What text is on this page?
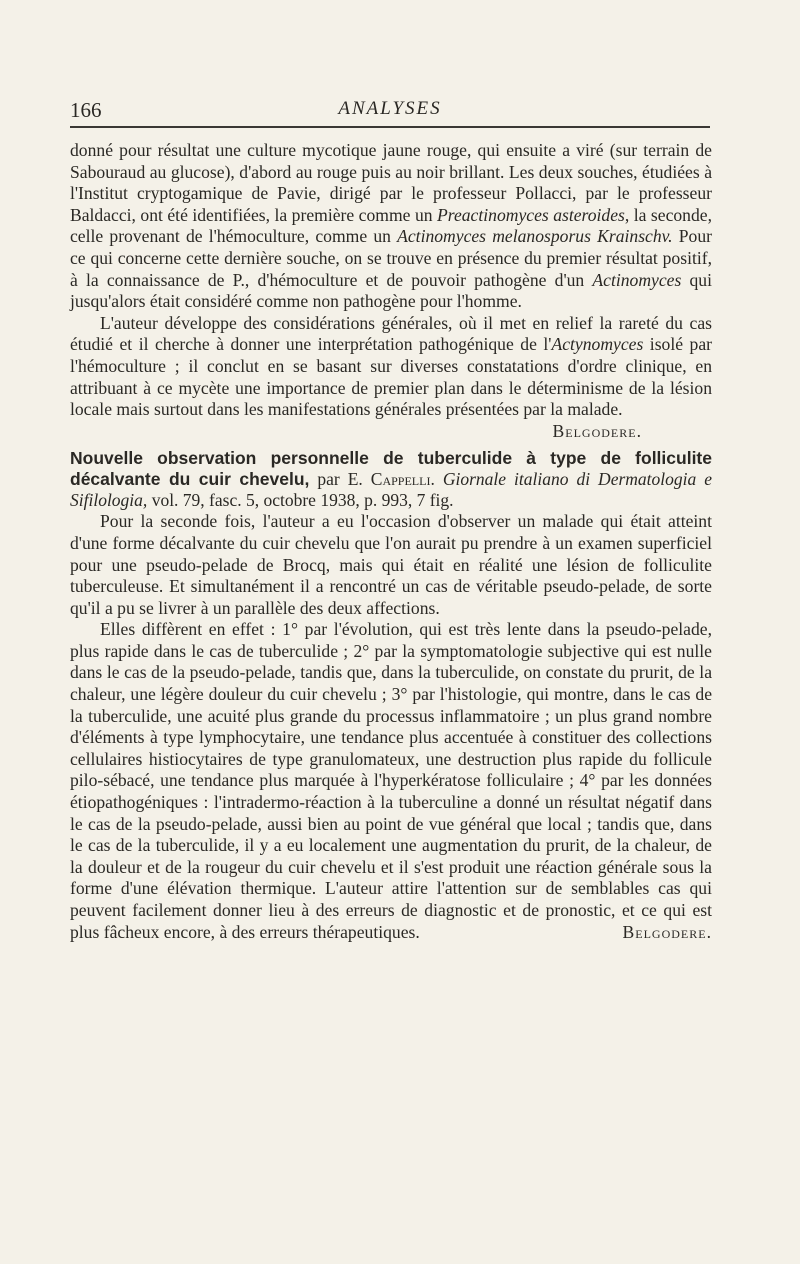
166	ANALYSES

donné pour résultat une culture mycotique jaune rouge, qui ensuite a viré (sur terrain de Sabouraud au glucose), d'abord au rouge puis au noir brillant. Les deux souches, étudiées à l'Institut cryptogamique de Pavie, dirigé par le professeur Pollacci, par le professeur Baldacci, ont été identifiées, la première comme un Preactinomyces asteroides, la seconde, celle provenant de l'hémoculture, comme un Actinomyces melanosporus Krainschv. Pour ce qui concerne cette dernière souche, on se trouve en présence du premier résultat positif, à la connaissance de P., d'hémoculture et de pouvoir pathogène d'un Actinomyces qui jusqu'alors était considéré comme non pathogène pour l'homme.

L'auteur développe des considérations générales, où il met en relief la rareté du cas étudié et il cherche à donner une interprétation pathogénique de l'Actynomyces isolé par l'hémoculture ; il conclut en se basant sur diverses constatations d'ordre clinique, en attribuant à ce mycète une importance de premier plan dans le déterminisme de la lésion locale mais surtout dans les manifestations générales présentées par la malade.

Belgodere.

Nouvelle observation personnelle de tuberculide à type de folliculite décalvante du cuir chevelu, par E. Cappelli. Giornale italiano di Dermatologia e Sifilologia, vol. 79, fasc. 5, octobre 1938, p. 993, 7 fig.

Pour la seconde fois, l'auteur a eu l'occasion d'observer un malade qui était atteint d'une forme décalvante du cuir chevelu que l'on aurait pu prendre à un examen superficiel pour une pseudo-pelade de Brocq, mais qui était en réalité une lésion de folliculite tuberculeuse. Et simultanément il a rencontré un cas de véritable pseudo-pelade, de sorte qu'il a pu se livrer à un parallèle des deux affections.

Elles diffèrent en effet : 1° par l'évolution, qui est très lente dans la pseudo-pelade, plus rapide dans le cas de tuberculide ; 2° par la symptomatologie subjective qui est nulle dans le cas de la pseudo-pelade, tandis que, dans la tuberculide, on constate du prurit, de la chaleur, une légère douleur du cuir chevelu ; 3° par l'histologie, qui montre, dans le cas de la tuberculide, une acuité plus grande du processus inflammatoire ; un plus grand nombre d'éléments à type lymphocytaire, une tendance plus accentuée à constituer des collections cellulaires histiocytaires de type granulomateux, une destruction plus rapide du follicule pilo-sébacé, une tendance plus marquée à l'hyperkératose folliculaire ; 4° par les données étiopathogéniques : l'intradermo-réaction à la tuberculine a donné un résultat négatif dans le cas de la pseudo-pelade, aussi bien au point de vue général que local ; tandis que, dans le cas de la tuberculide, il y a eu localement une augmentation du prurit, de la chaleur, de la douleur et de la rougeur du cuir chevelu et il s'est produit une réaction générale sous la forme d'une élévation thermique. L'auteur attire l'attention sur de semblables cas qui peuvent facilement donner lieu à des erreurs de diagnostic et de pronostic, et ce qui est plus fâcheux encore, à des erreurs thérapeutiques.	Belgodere.
